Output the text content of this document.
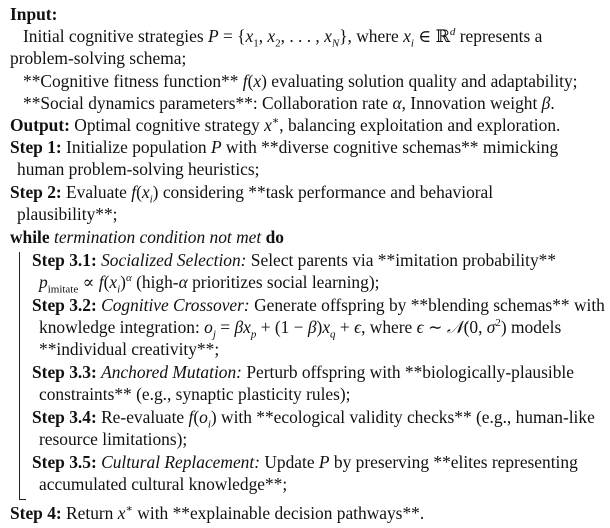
Input:
Initial cognitive strategies $P = \{x_1$, $x_2$, . . . , $x_N$}, where $x_i$ ∈ ℝ$^d$ represents a
problem-solving schema;
**Cognitive fitness function** f(x) evaluating solution quality and adaptability;
**Social dynamics parameters**: Collaboration rate α, Innovation weight β.
Output: Optimal cognitive strategy x∗, balancing exploitation and exploration.
Step 1: Initialize population P with **diverse cognitive schemas** mimicking
human problem-solving heuristics;
Step 2: Evaluate $f(x_i)$ considering **task performance and behavioral
plausibility**;
while termination condition not met do
Step 3.1: Socialized Selection: Select parents via **imitation probability**
$p_{imitate} \propto f(x_i)^\alpha$ (high-α prioritizes social learning);
Step 3.2: Cognitive Crossover: Generate offspring by **blending schemas** with
knowledge integration: $o_j = \beta x_p + (1 - \beta)x_q + \epsilon$, where ϵ ∼ 𝒩(0, $\sigma^2$) models
**individual creativity**;
Step 3.3: Anchored Mutation: Perturb offspring with **biologically-plausible
constraints** (e.g., synaptic plasticity rules);
Step 3.4: Re-evaluate $f(o_i)$ with **ecological validity checks** (e.g., human-like
resource limitations);
Step 3.5: Cultural Replacement: Update P by preserving **elites representing
accumulated cultural knowledge**;
Step 4: Return x∗ with **explainable decision pathways**.
